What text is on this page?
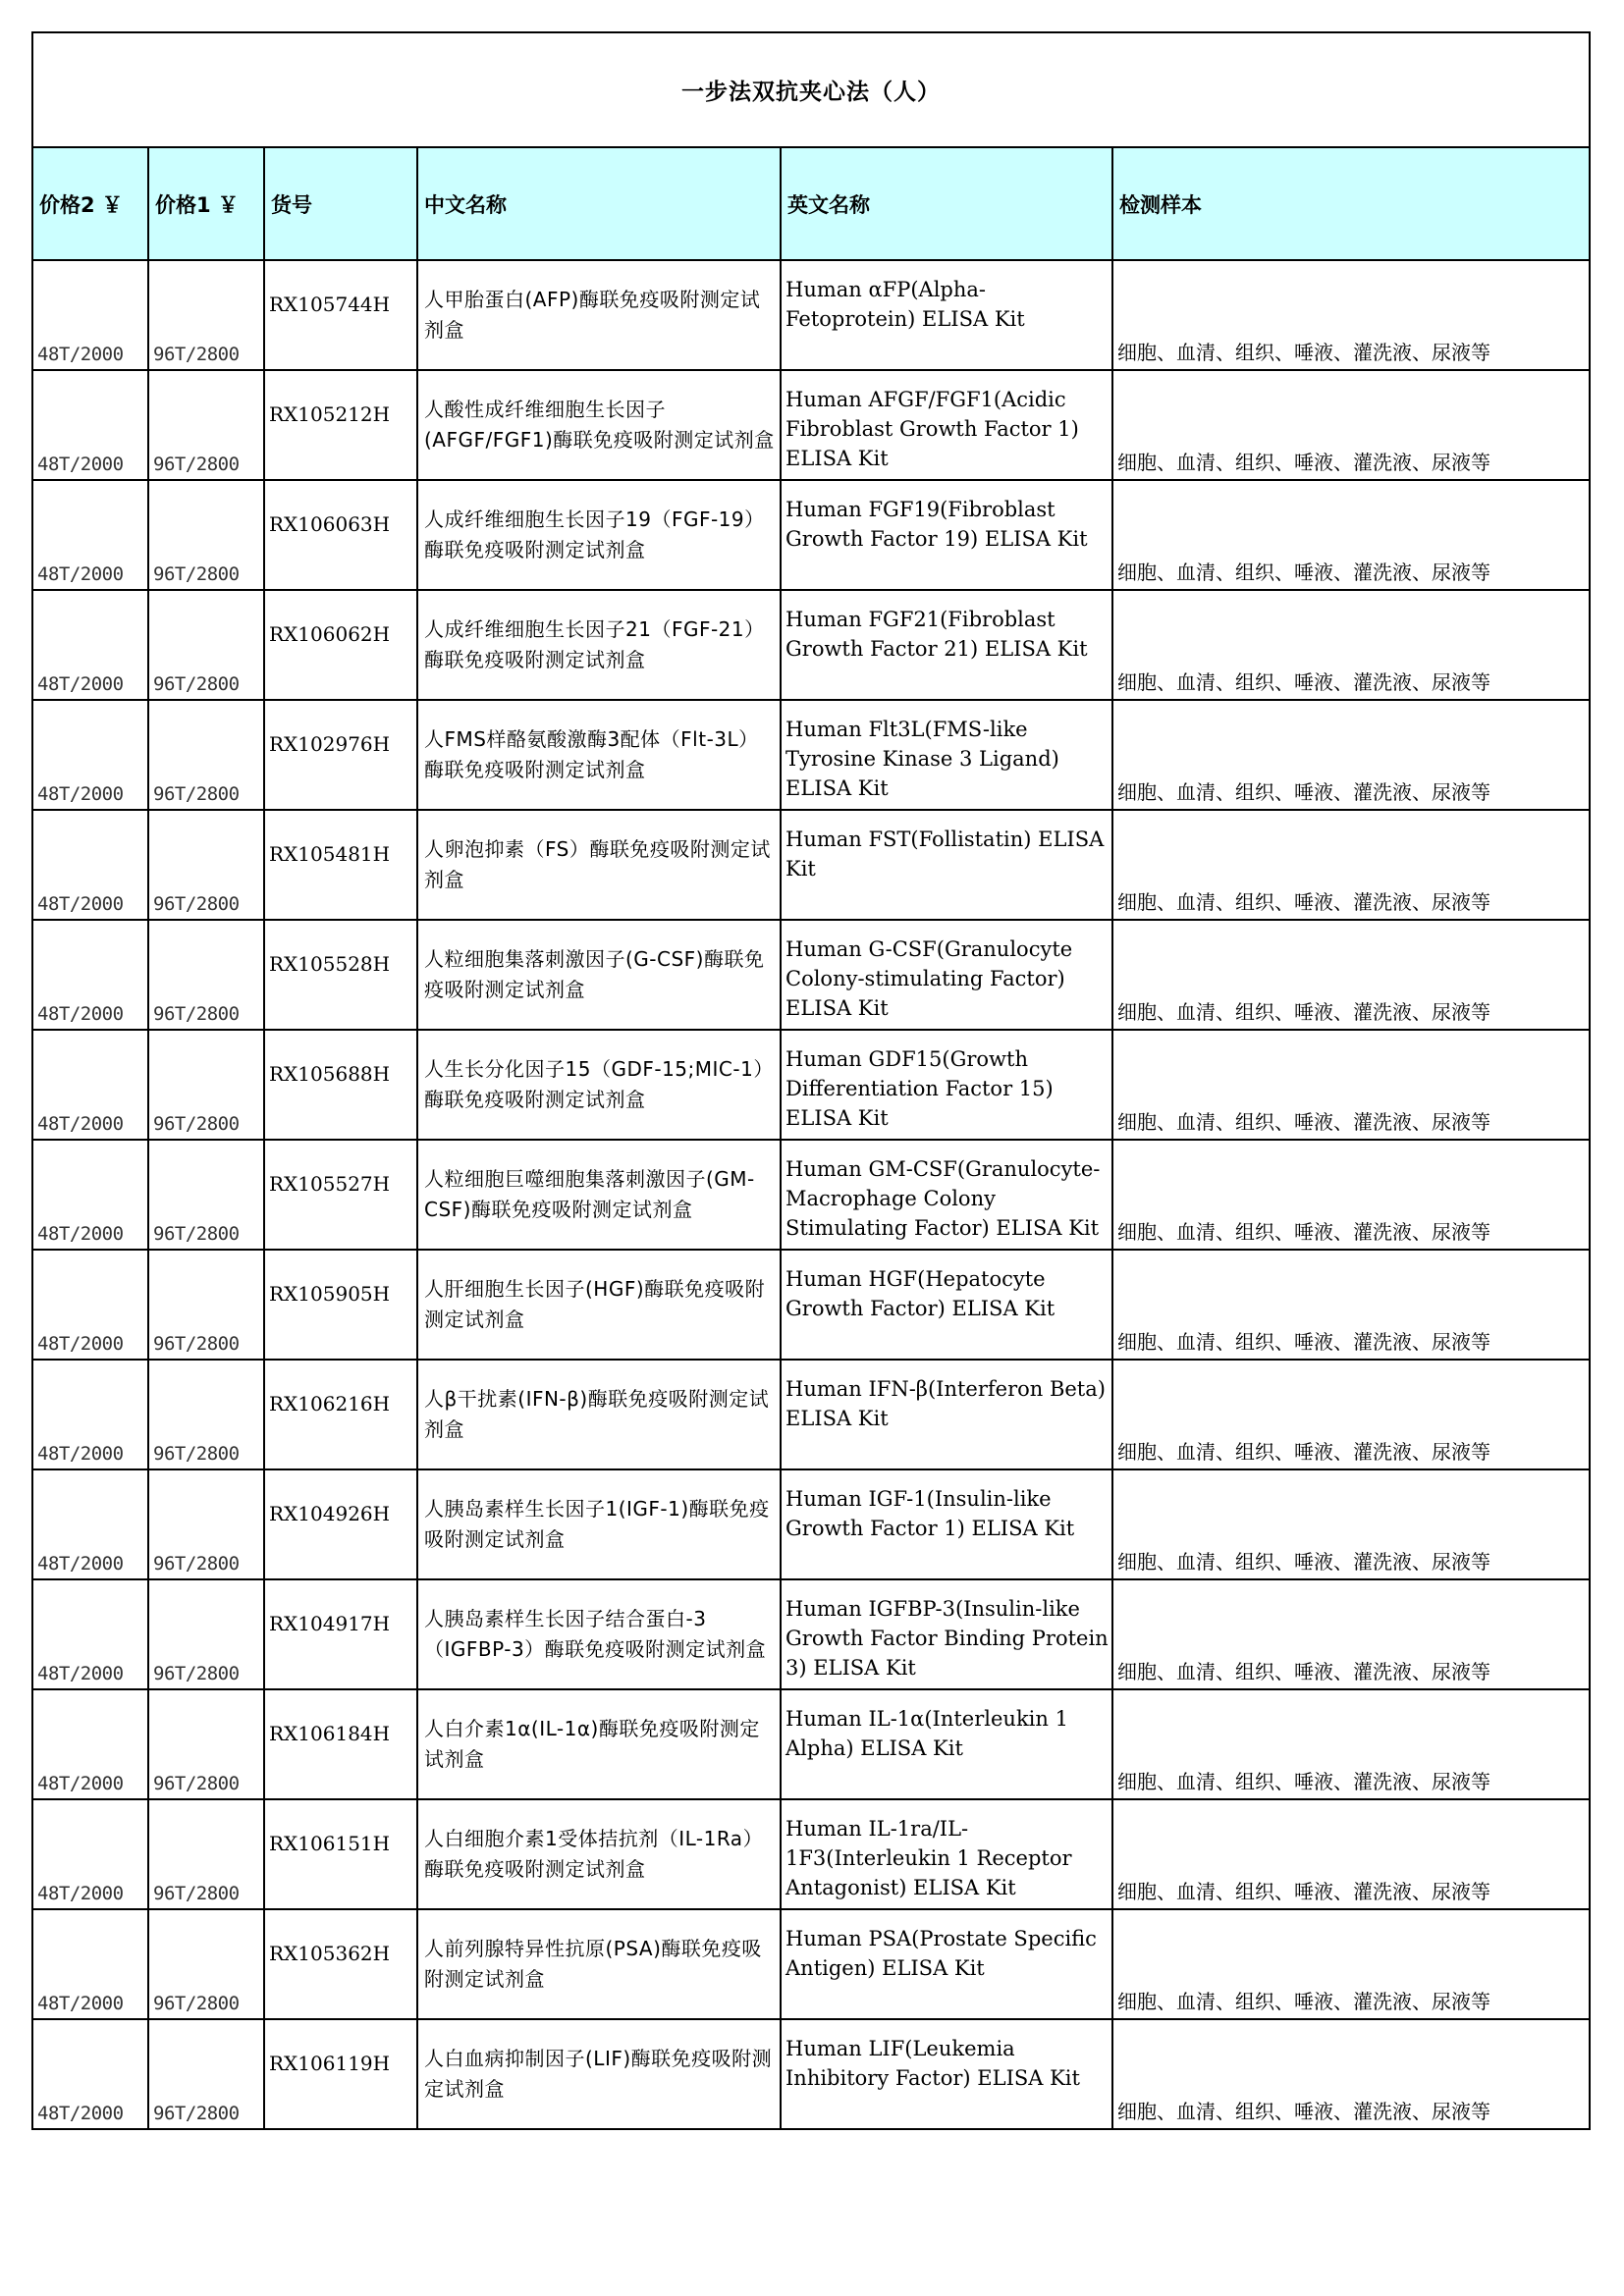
一步法双抗夹心法（人）					
价格2 ￥	价格1 ￥	货号	中文名称	英文名称	检测样本
48T/2000	96T/2800	RX105744H	人甲胎蛋白(AFP)酶联免疫吸附测定试剂盒	Human αFP(Alpha-Fetoprotein) ELISA Kit	细胞、血清、组织、唾液、灌洗液、尿液等
48T/2000	96T/2800	RX105212H	人酸性成纤维细胞生长因子(AFGF/FGF1)酶联免疫吸附测定试剂盒	Human AFGF/FGF1(Acidic Fibroblast Growth Factor 1) ELISA Kit	细胞、血清、组织、唾液、灌洗液、尿液等
48T/2000	96T/2800	RX106063H	人成纤维细胞生长因子19（FGF-19）酶联免疫吸附测定试剂盒	Human FGF19(Fibroblast Growth Factor 19) ELISA Kit	细胞、血清、组织、唾液、灌洗液、尿液等
48T/2000	96T/2800	RX106062H	人成纤维细胞生长因子21（FGF-21）酶联免疫吸附测定试剂盒	Human FGF21(Fibroblast Growth Factor 21) ELISA Kit	细胞、血清、组织、唾液、灌洗液、尿液等
48T/2000	96T/2800	RX102976H	人FMS样酪氨酸激酶3配体（Flt-3L）酶联免疫吸附测定试剂盒	Human Flt3L(FMS-like Tyrosine Kinase 3 Ligand) ELISA Kit	细胞、血清、组织、唾液、灌洗液、尿液等
48T/2000	96T/2800	RX105481H	人卵泡抑素（FS）酶联免疫吸附测定试剂盒	Human FST(Follistatin) ELISA Kit	细胞、血清、组织、唾液、灌洗液、尿液等
48T/2000	96T/2800	RX105528H	人粒细胞集落刺激因子(G-CSF)酶联免疫吸附测定试剂盒	Human G-CSF(Granulocyte Colony-stimulating Factor) ELISA Kit	细胞、血清、组织、唾液、灌洗液、尿液等
48T/2000	96T/2800	RX105688H	人生长分化因子15（GDF-15;MIC-1）酶联免疫吸附测定试剂盒	Human GDF15(Growth Differentiation Factor 15) ELISA Kit	细胞、血清、组织、唾液、灌洗液、尿液等
48T/2000	96T/2800	RX105527H	人粒细胞巨噬细胞集落刺激因子(GM-CSF)酶联免疫吸附测定试剂盒	Human GM-CSF(Granulocyte-Macrophage Colony Stimulating Factor) ELISA Kit	细胞、血清、组织、唾液、灌洗液、尿液等
48T/2000	96T/2800	RX105905H	人肝细胞生长因子(HGF)酶联免疫吸附测定试剂盒	Human HGF(Hepatocyte Growth Factor) ELISA Kit	细胞、血清、组织、唾液、灌洗液、尿液等
48T/2000	96T/2800	RX106216H	人β干扰素(IFN-β)酶联免疫吸附测定试剂盒	Human IFN-β(Interferon Beta) ELISA Kit	细胞、血清、组织、唾液、灌洗液、尿液等
48T/2000	96T/2800	RX104926H	人胰岛素样生长因子1(IGF-1)酶联免疫吸附测定试剂盒	Human IGF-1(Insulin-like Growth Factor 1) ELISA Kit	细胞、血清、组织、唾液、灌洗液、尿液等
48T/2000	96T/2800	RX104917H	人胰岛素样生长因子结合蛋白-3（IGFBP-3）酶联免疫吸附测定试剂盒	Human IGFBP-3(Insulin-like Growth Factor Binding Protein 3) ELISA Kit	细胞、血清、组织、唾液、灌洗液、尿液等
48T/2000	96T/2800	RX106184H	人白介素1α(IL-1α)酶联免疫吸附测定试剂盒	Human IL-1α(Interleukin 1 Alpha) ELISA Kit	细胞、血清、组织、唾液、灌洗液、尿液等
48T/2000	96T/2800	RX106151H	人白细胞介素1受体拮抗剂（IL-1Ra）酶联免疫吸附测定试剂盒	Human IL-1ra/IL-1F3(Interleukin 1 Receptor Antagonist) ELISA Kit	细胞、血清、组织、唾液、灌洗液、尿液等
48T/2000	96T/2800	RX105362H	人前列腺特异性抗原(PSA)酶联免疫吸附测定试剂盒	Human PSA(Prostate Specific Antigen) ELISA Kit	细胞、血清、组织、唾液、灌洗液、尿液等
48T/2000	96T/2800	RX106119H	人白血病抑制因子(LIF)酶联免疫吸附测定试剂盒	Human LIF(Leukemia Inhibitory Factor) ELISA Kit	细胞、血清、组织、唾液、灌洗液、尿液等
